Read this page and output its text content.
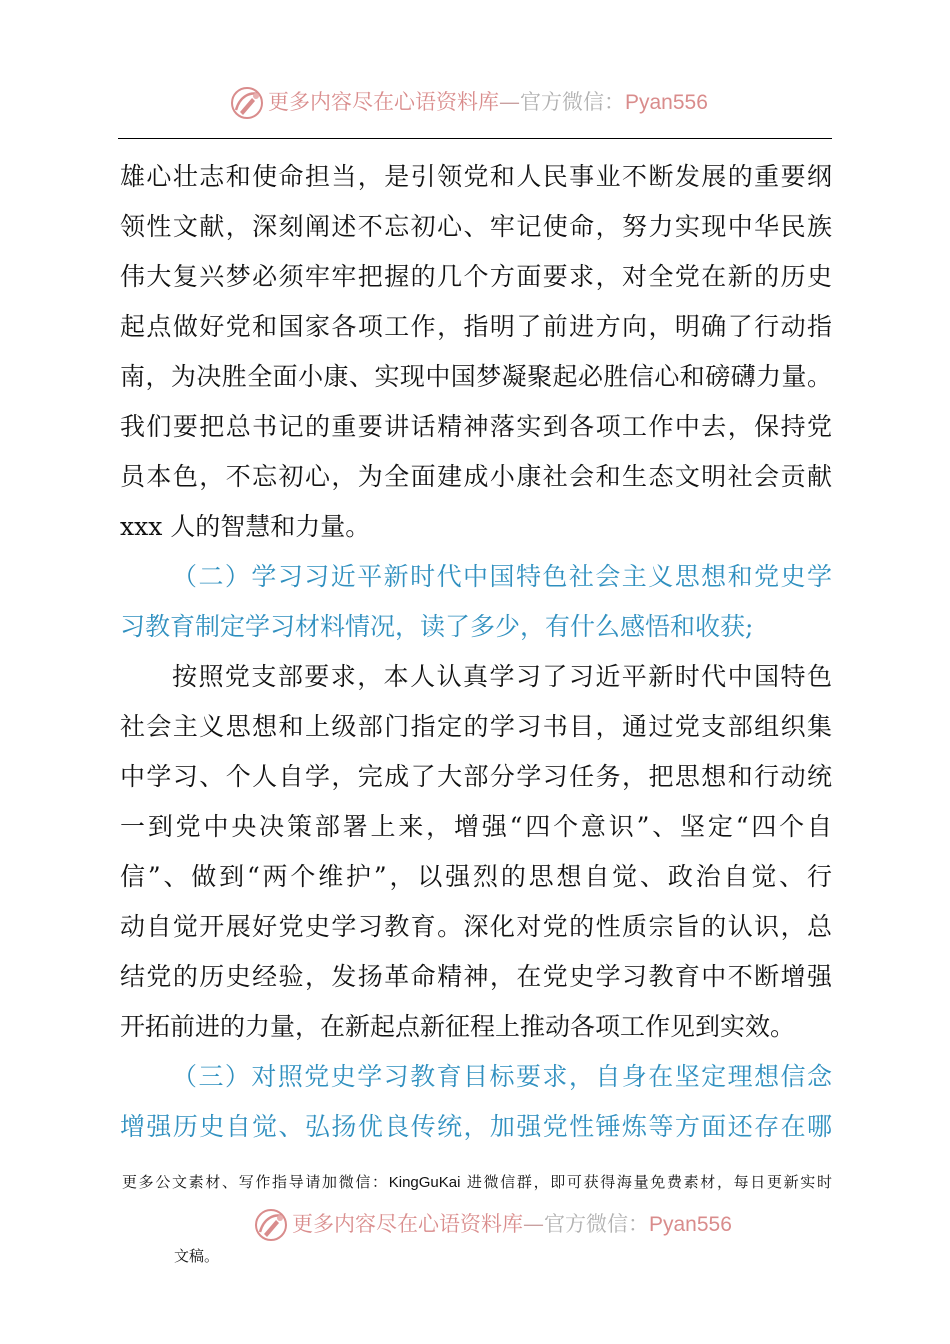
更多内容尽在心语资料库—官方微信：Pyan556
雄心壮志和使命担当，是引领党和人民事业不断发展的重要纲
领性文献，深刻阐述不忘初心、牢记使命，努力实现中华民族
伟大复兴梦必须牢牢把握的几个方面要求，对全党在新的历史
起点做好党和国家各项工作，指明了前进方向，明确了行动指
南，为决胜全面小康、实现中国梦凝聚起必胜信心和磅礴力量。
我们要把总书记的重要讲话精神落实到各项工作中去，保持党
员本色，不忘初心，为全面建成小康社会和生态文明社会贡献
xxx 人的智慧和力量。
（二）学习习近平新时代中国特色社会主义思想和党史学
习教育制定学习材料情况，读了多少，有什么感悟和收获;
按照党支部要求，本人认真学习了习近平新时代中国特色
社会主义思想和上级部门指定的学习书目，通过党支部组织集
中学习、个人自学，完成了大部分学习任务，把思想和行动统
一到党中央决策部署上来，增强“四个意识”、坚定“四个自
信”、做到“两个维护”，以强烈的思想自觉、政治自觉、行
动自觉开展好党史学习教育。深化对党的性质宗旨的认识，总
结党的历史经验，发扬革命精神，在党史学习教育中不断增强
开拓前进的力量，在新起点新征程上推动各项工作见到实效。
（三）对照党史学习教育目标要求，自身在坚定理想信念
增强历史自觉、弘扬优良传统，加强党性锤炼等方面还存在哪
更多公文素材、写作指导请加微信：KingGuKai 进微信群，即可获得海量免费素材，每日更新实时
更多内容尽在心语资料库—官方微信：Pyan556
文稿。
